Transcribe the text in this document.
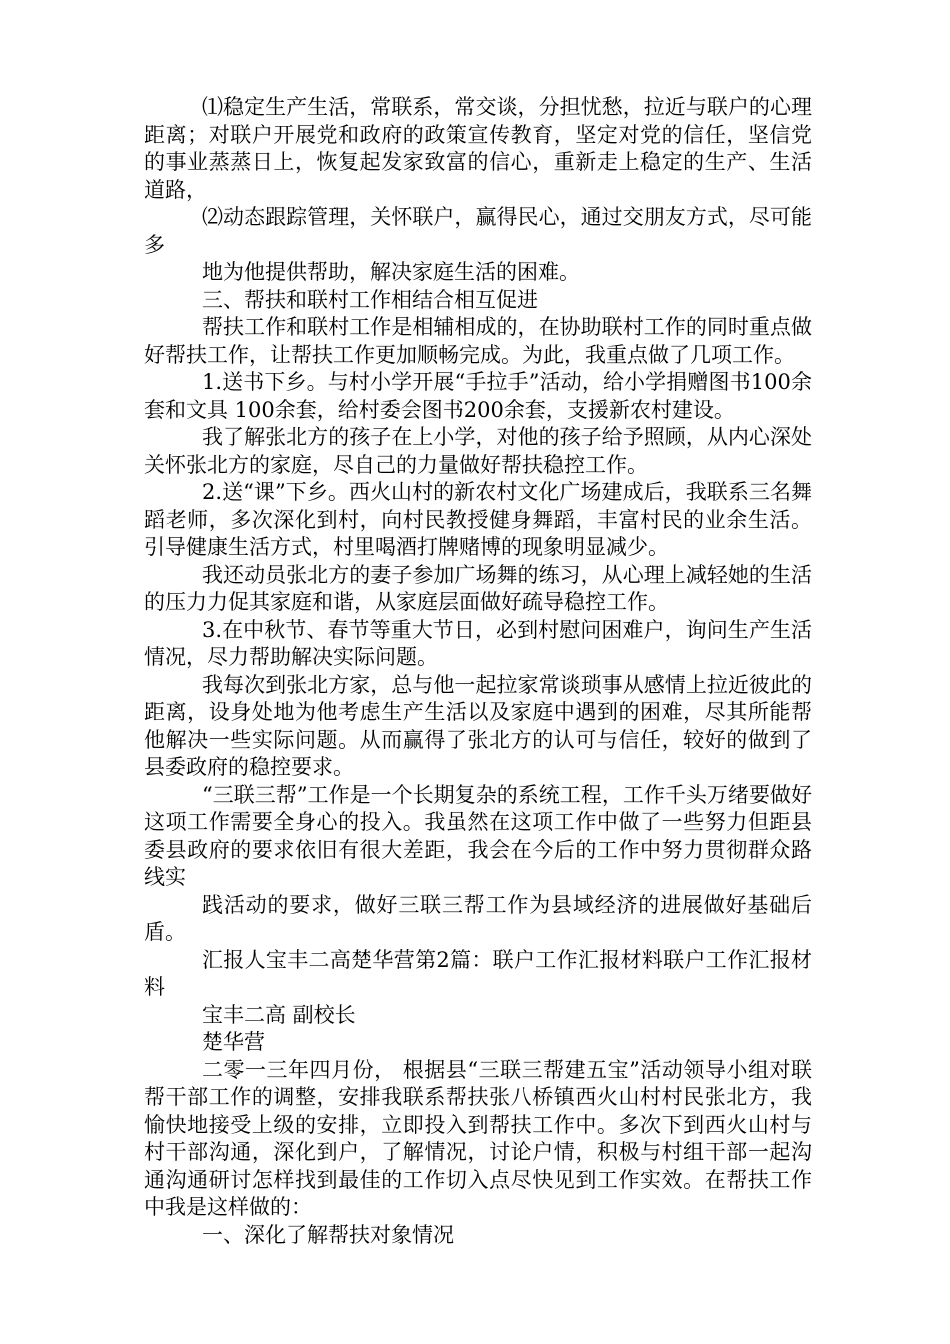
⑴稳定生产生活，常联系，常交谈，分担忧愁，拉近与联户的心理距离；对联户开展党和政府的政策宣传教育，坚定对党的信任，坚信党的事业蒸蒸日上，恢复起发家致富的信心，重新走上稳定的生产、生活道路，

⑵动态跟踪管理，关怀联户，赢得民心，通过交朋友方式，尽可能多

地为他提供帮助，解决家庭生活的困难。

三、帮扶和联村工作相结合相互促进

帮扶工作和联村工作是相辅相成的，在协助联村工作的同时重点做好帮扶工作，让帮扶工作更加顺畅完成。为此，我重点做了几项工作。

1.送书下乡。与村小学开展“手拉手”活动，给小学捐赠图书100余套和文具 100余套，给村委会图书200余套，支援新农村建设。

我了解张北方的孩子在上小学，对他的孩子给予照顾，从内心深处关怀张北方的家庭，尽自己的力量做好帮扶稳控工作。

2.送“课”下乡。西火山村的新农村文化广场建成后，我联系三名舞蹈老师，多次深化到村，向村民教授健身舞蹈，丰富村民的业余生活。引导健康生活方式，村里喝酒打牌赌博的现象明显减少。

我还动员张北方的妻子参加广场舞的练习，从心理上减轻她的生活的压力力促其家庭和谐，从家庭层面做好疏导稳控工作。

3.在中秋节、春节等重大节日，必到村慰问困难户，询问生产生活情况，尽力帮助解决实际问题。

我每次到张北方家，总与他一起拉家常谈琐事从感情上拉近彼此的距离，设身处地为他考虑生产生活以及家庭中遇到的困难，尽其所能帮他解决一些实际问题。从而赢得了张北方的认可与信任，较好的做到了县委政府的稳控要求。

“三联三帮”工作是一个长期复杂的系统工程，工作千头万绪要做好这项工作需要全身心的投入。我虽然在这项工作中做了一些努力但距县委县政府的要求依旧有很大差距，我会在今后的工作中努力贯彻群众路线实

践活动的要求，做好三联三帮工作为县域经济的进展做好基础后盾。

汇报人宝丰二高楚华营第2篇：联户工作汇报材料联户工作汇报材料

宝丰二高 副校长

楚华营

二零一三年四月份， 根据县“三联三帮建五宝”活动领导小组对联帮干部工作的调整，安排我联系帮扶张八桥镇西火山村村民张北方，我愉快地接受上级的安排，立即投入到帮扶工作中。多次下到西火山村与村干部沟通，深化到户，了解情况，讨论户情，积极与村组干部一起沟通沟通研讨怎样找到最佳的工作切入点尽快见到工作实效。在帮扶工作中我是这样做的：

一、深化了解帮扶对象情况
